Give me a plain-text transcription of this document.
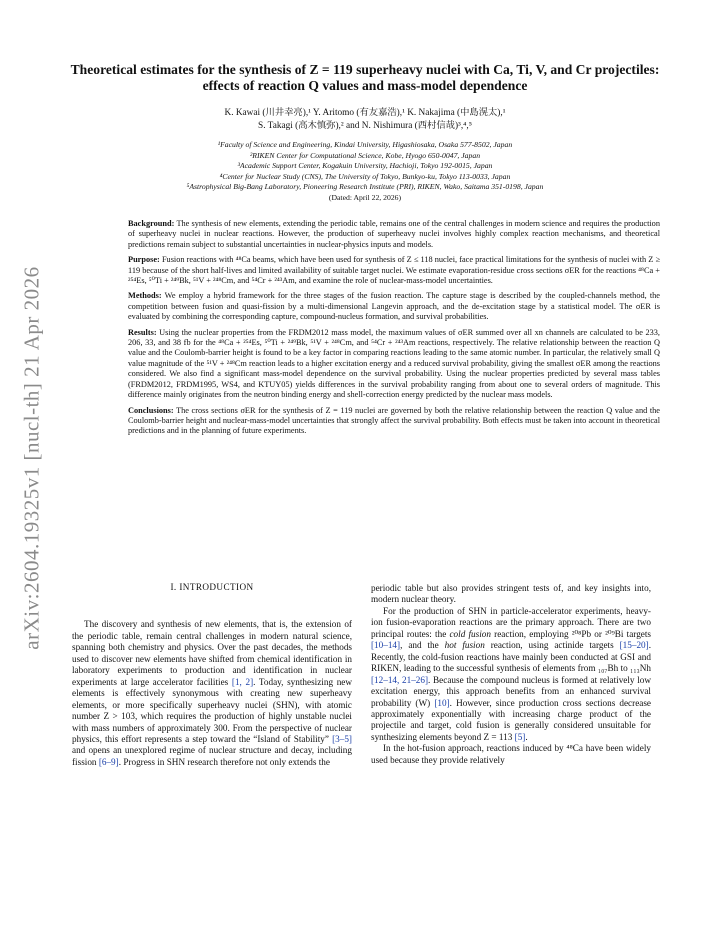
arXiv:2604.19325v1 [nucl-th] 21 Apr 2026
Theoretical estimates for the synthesis of Z = 119 superheavy nuclei with Ca, Ti, V, and Cr projectiles: effects of reaction Q values and mass-model dependence
K. Kawai (川井幸亮),¹ Y. Aritomo (有友嘉浩),¹ K. Nakajima (中島滉太),¹
S. Takagi (高木慎弥),² and N. Nishimura (西村信哉)³,⁴,⁵
¹Faculty of Science and Engineering, Kindai University, Higashiosaka, Osaka 577-8502, Japan
²RIKEN Center for Computational Science, Kobe, Hyogo 650-0047, Japan
³Academic Support Center, Kogakuin University, Hachioji, Tokyo 192-0015, Japan
⁴Center for Nuclear Study (CNS), The University of Tokyo, Bunkyo-ku, Tokyo 113-0033, Japan
⁵Astrophysical Big-Bang Laboratory, Pioneering Research Institute (PRI), RIKEN, Wako, Saitama 351-0198, Japan
(Dated: April 22, 2026)

Background: The synthesis of new elements, extending the periodic table, remains one of the central challenges in modern science and requires the production of superheavy nuclei in nuclear reactions. However, the production of superheavy nuclei involves highly complex reaction mechanisms, and theoretical predictions remain subject to substantial uncertainties in nuclear-physics inputs and models.

Purpose: Fusion reactions with ⁴⁸Ca beams, which have been used for synthesis of Z ≤ 118 nuclei, face practical limitations for the synthesis of nuclei with Z ≥ 119 because of the short half-lives and limited availability of suitable target nuclei. We estimate evaporation-residue cross sections σER for the reactions ⁴⁸Ca + ²⁵⁴Es, ⁵⁰Ti + ²⁴⁹Bk, ⁵¹V + ²⁴⁸Cm, and ⁵⁴Cr + ²⁴³Am, and examine the role of nuclear-mass-model uncertainties.

Methods: We employ a hybrid framework for the three stages of the fusion reaction. The capture stage is described by the coupled-channels method, the competition between fusion and quasi-fission by a multi-dimensional Langevin approach, and the de-excitation stage by a statistical model. The σER is evaluated by combining the corresponding capture, compound-nucleus formation, and survival probabilities.

Results: Using the nuclear properties from the FRDM2012 mass model, the maximum values of σER summed over all xn channels are calculated to be 233, 206, 33, and 38 fb for the ⁴⁸Ca + ²⁵⁴Es, ⁵⁰Ti + ²⁴⁹Bk, ⁵¹V + ²⁴⁸Cm, and ⁵⁴Cr + ²⁴³Am reactions, respectively. The relative relationship between the reaction Q value and the Coulomb-barrier height is found to be a key factor in comparing reactions leading to the same atomic number. In particular, the relatively small Q value magnitude of the ⁵¹V + ²⁴⁸Cm reaction leads to a higher excitation energy and a reduced survival probability, giving the smallest σER among the reactions considered. We also find a significant mass-model dependence on the survival probability. Using the nuclear properties predicted by several mass tables (FRDM2012, FRDM1995, WS4, and KTUY05) yields differences in the survival probability ranging from about one to several orders of magnitude. This difference mainly originates from the neutron binding energy and shell-correction energy predicted by the nuclear mass models.

Conclusions: The cross sections σER for the synthesis of Z = 119 nuclei are governed by both the relative relationship between the reaction Q value and the Coulomb-barrier height and nuclear-mass-model uncertainties that strongly affect the survival probability. Both effects must be taken into account in theoretical predictions and in the planning of future experiments.

I. INTRODUCTION

The discovery and synthesis of new elements, that is, the extension of the periodic table, remain central challenges in modern natural science, spanning both chemistry and physics. Over the past decades, the methods used to discover new elements have shifted from chemical identification in laboratory experiments to production and identification in nuclear experiments at large accelerator facilities [1, 2]. Today, synthesizing new elements is effectively synonymous with creating new superheavy elements, or more specifically superheavy nuclei (SHN), with atomic number Z > 103, which requires the production of highly unstable nuclei with mass numbers of approximately 300. From the perspective of nuclear physics, this effort represents a step toward the “Island of Stability” [3–5] and opens an unexplored regime of nuclear structure and decay, including fission [6–9]. Progress in SHN research therefore not only extends the

periodic table but also provides stringent tests of, and key insights into, modern nuclear theory.

For the production of SHN in particle-accelerator experiments, heavy-ion fusion-evaporation reactions are the primary approach. There are two principal routes: the cold fusion reaction, employing ²⁰⁸Pb or ²⁰⁹Bi targets [10–14], and the hot fusion reaction, using actinide targets [15–20]. Recently, the cold-fusion reactions have mainly been conducted at GSI and RIKEN, leading to the successful synthesis of elements from ₁₀₇Bh to ₁₁₃Nh [12–14, 21–26]. Because the compound nucleus is formed at relatively low excitation energy, this approach benefits from an enhanced survival probability (W) [10]. However, since production cross sections decrease approximately exponentially with increasing charge product of the projectile and target, cold fusion is generally considered unsuitable for synthesizing elements beyond Z = 113 [5].

In the hot-fusion approach, reactions induced by ⁴⁸Ca have been widely used because they provide relatively
